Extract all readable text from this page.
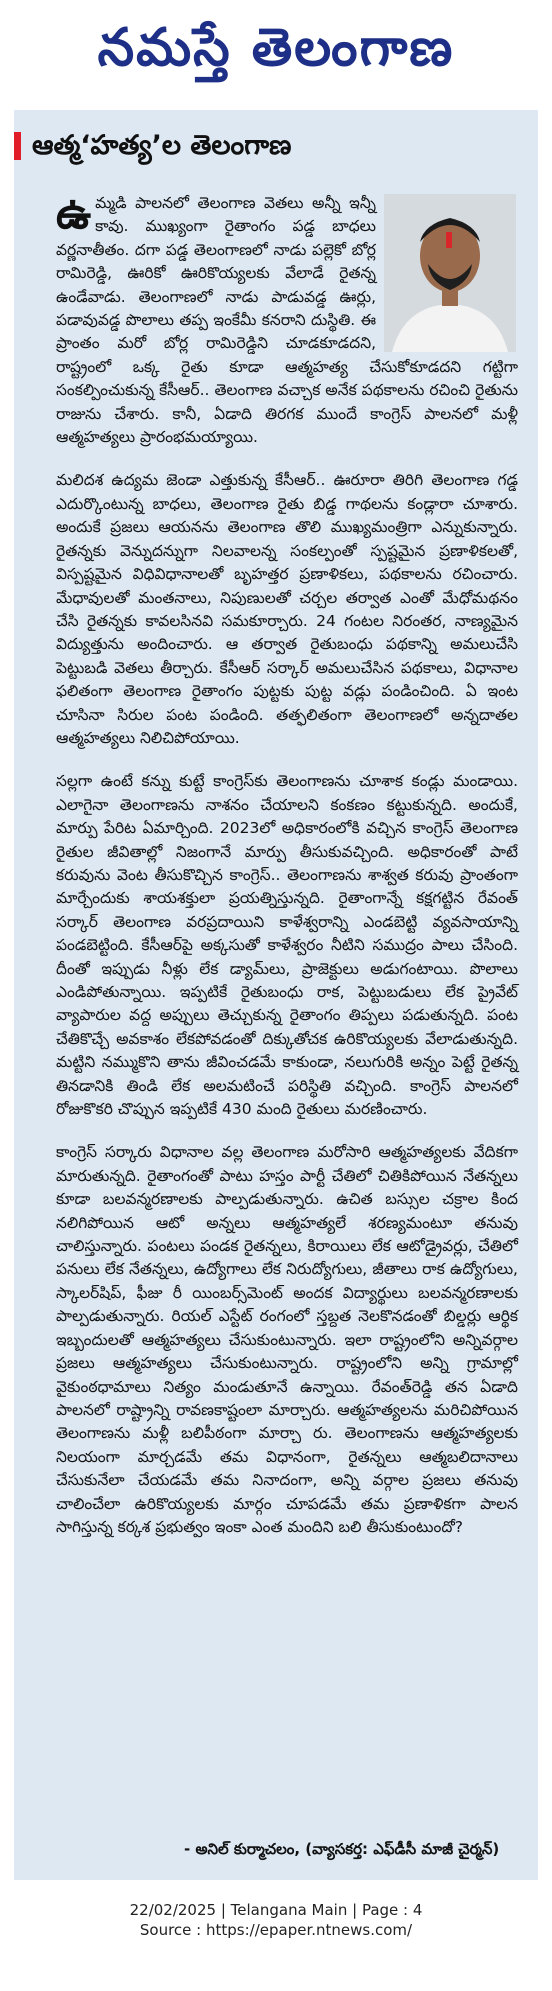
నమస్తే తెలంగాణ
ఆత్మ‘హత్య’ల తెలంగాణ

ఉ మ్మడి పాలనలో తెలంగాణ వెతలు అన్నీ ఇన్నీ కావు. ముఖ్యంగా రైతాంగం పడ్డ బాధలు వర్ణనాతీతం. దగా పడ్డ తెలంగాణలో నాడు పల్లెకో బోర్ల రామిరెడ్డి, ఊరికో ఊరికొయ్యలకు వేలాడే రైతన్న ఉండేవాడు. తెలంగాణలో నాడు పాడువడ్డ ఊర్లు, పడావువడ్డ పొలాలు తప్ప ఇంకేమీ కనరాని దుస్థితి. ఈ ప్రాంతం మరో బోర్ల రామిరెడ్డిని చూడకూడదని, రాష్ట్రంలో ఒక్క రైతు కూడా ఆత్మహత్య చేసుకోకూడదని గట్టిగా సంకల్పించుకున్న కేసీఆర్.. తెలంగాణ వచ్చాక అనేక పథకాలను రచించి రైతును రాజును చేశారు. కానీ, ఏడాది తిరగక ముందే కాంగ్రెస్ పాలనలో మళ్లీ ఆత్మహత్యలు ప్రారంభమయ్యాయి.

మలిదశ ఉద్యమ జెండా ఎత్తుకున్న కేసీఆర్.. ఊరూరా తిరిగి తెలంగాణ గడ్డ ఎదుర్కొంటున్న బాధలు, తెలంగాణ రైతు బిడ్డ గాథలను కండ్లారా చూశారు. అందుకే ప్రజలు ఆయనను తెలంగాణ తొలి ముఖ్యమంత్రిగా ఎన్నుకున్నారు. రైతన్నకు వెన్నుదన్నుగా నిలవాలన్న సంకల్పంతో స్పష్టమైన ప్రణాళికలతో, విస్పష్టమైన విధివిధానాలతో బృహత్తర ప్రణాళికలు, పథకాలను రచించారు. మేధావులతో మంతనాలు, నిపుణులతో చర్చల తర్వాత ఎంతో మేధోమథనం చేసి రైతన్నకు కావలసినవి సమకూర్చారు. 24 గంటల నిరంతర, నాణ్యమైన విద్యుత్తును అందించారు. ఆ తర్వాత రైతుబంధు పథకాన్ని అమలుచేసి పెట్టుబడి వెతలు తీర్చారు. కేసీఆర్ సర్కార్ అమలుచేసిన పథకాలు, విధానాల ఫలితంగా తెలంగాణ రైతాంగం పుట్టకు పుట్ట వడ్లు పండించింది. ఏ ఇంట చూసినా సిరుల పంట పండింది. తత్ఫలితంగా తెలంగాణలో అన్నదాతల ఆత్మహత్యలు నిలిచిపోయాయి.

సల్లగా ఉంటే కన్ను కుట్టే కాంగ్రెస్‌కు తెలంగాణను చూశాక కండ్లు మండాయి. ఎలాగైనా తెలంగాణను నాశనం చేయాలని కంకణం కట్టుకున్నది. అందుకే, మార్పు పేరిట ఏమార్చింది. 2023లో అధికారంలోకి వచ్చిన కాంగ్రెస్ తెలంగాణ రైతుల జీవితాల్లో నిజంగానే మార్పు తీసుకువచ్చింది. అధికారంతో పాటే కరువును వెంట తీసుకొచ్చిన కాంగ్రెస్.. తెలంగాణను శాశ్వత కరువు ప్రాంతంగా మార్చేందుకు శాయశక్తులా ప్రయత్నిస్తున్నది. రైతాంగాన్నే కక్షగట్టిన రేవంత్ సర్కార్ తెలంగాణ వరప్రదాయిని కాళేశ్వరాన్ని ఎండబెట్టి వ్యవసాయాన్ని పండబెట్టింది. కేసీఆర్‌పై అక్కసుతో కాళేశ్వరం నీటిని సముద్రం పాలు చేసింది. దీంతో ఇప్పుడు నీళ్లు లేక డ్యామ్‌లు, ప్రాజెక్టులు అడుగంటాయి. పొలాలు ఎండిపోతున్నాయి. ఇప్పటికే రైతుబంధు రాక, పెట్టుబడులు లేక ప్రైవేట్ వ్యాపారుల వద్ద అప్పులు తెచ్చుకున్న రైతాంగం తిప్పలు పడుతున్నది. పంట చేతికొచ్చే అవకాశం లేకపోవడంతో దిక్కుతోచక ఉరికొయ్యలకు వేలాడుతున్నది. మట్టిని నమ్ముకొని తాను జీవించడమే కాకుండా, నలుగురికి అన్నం పెట్టే రైతన్న తినడానికి తిండి లేక అలమటించే పరిస్థితి వచ్చింది. కాంగ్రెస్ పాలనలో రోజుకొకరి చొప్పున ఇప్పటికే 430 మంది రైతులు మరణించారు.

కాంగ్రెస్ సర్కారు విధానాల వల్ల తెలంగాణ మరోసారి ఆత్మహత్యలకు వేదికగా మారుతున్నది. రైతాంగంతో పాటు హస్తం పార్టీ చేతిలో చితికిపోయిన నేతన్నలు కూడా బలవన్మరణాలకు పాల్పడుతున్నారు. ఉచిత బస్సుల చక్రాల కింద నలిగిపోయిన ఆటో అన్నలు ఆత్మహత్యలే శరణ్యమంటూ తనువు చాలిస్తున్నారు. పంటలు పండక రైతన్నలు, కిరాయిలు లేక ఆటోడ్రైవర్లు, చేతిలో పనులు లేక నేతన్నలు, ఉద్యోగాలు లేక నిరుద్యోగులు, జీతాలు రాక ఉద్యోగులు, స్కాలర్‌షిప్, ఫీజు రీ యింబర్స్‌మెంట్ అందక విద్యార్థులు బలవన్మరణాలకు పాల్పడుతున్నారు. రియల్ ఎస్టేట్ రంగంలో స్తబ్దత నెలకొనడంతో బిల్డర్లు ఆర్థిక ఇబ్బందులతో ఆత్మహత్యలు చేసుకుంటున్నారు. ఇలా రాష్ట్రంలోని అన్నివర్గాల ప్రజలు ఆత్మహత్యలు చేసుకుంటున్నారు. రాష్ట్రంలోని అన్ని గ్రామాల్లో వైకుంఠధామాలు నిత్యం మండుతూనే ఉన్నాయి. రేవంత్‌రెడ్డి తన ఏడాది పాలనలో రాష్ట్రాన్ని రావణకాష్టంలా మార్చారు. ఆత్మహత్యలను మరిచిపోయిన తెలంగాణను మళ్లీ బలిపీఠంగా మార్చా రు. తెలంగాణను ఆత్మహత్యలకు నిలయంగా మార్చడమే తమ విధానంగా, రైతన్నలు ఆత్మబలిదానాలు చేసుకునేలా చేయడమే తమ నినాదంగా, అన్ని వర్గాల ప్రజలు తనువు చాలించేలా ఉరికొయ్యలకు మార్గం చూపడమే తమ ప్రణాళికగా పాలన సాగిస్తున్న కర్కశ ప్రభుత్వం ఇంకా ఎంత మందిని బలి తీసుకుంటుందో?

- అనిల్ కుర్మాచలం, (వ్యాసకర్త: ఎఫ్‌డీసీ మాజీ చైర్మన్)
22/02/2025 | Telangana Main | Page : 4
Source : https://epaper.ntnews.com/
